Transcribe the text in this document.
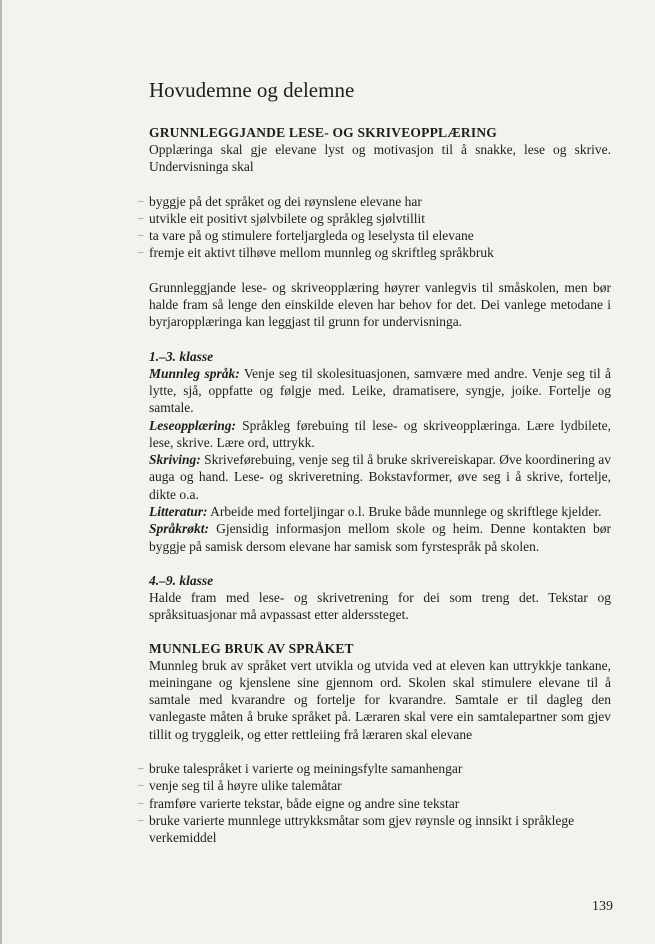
Hovudemne og delemne
GRUNNLEGGJANDE LESE- OG SKRIVEOPPLÆRING

Opplæringa skal gje elevane lyst og motivasjon til å snakke, lese og skrive. Undervisninga skal

– byggje på det språket og dei røynslene elevane har
– utvikle eit positivt sjølvbilete og språkleg sjølvtillit
– ta vare på og stimulere forteljargleda og leselysta til elevane
– fremje eit aktivt tilhøve mellom munnleg og skriftleg språkbruk

Grunnleggjande lese- og skriveopplæring høyrer vanlegvis til småskolen, men bør halde fram så lenge den einskilde eleven har behov for det. Dei vanlege metodane i byrjaropplæringa kan leggjast til grunn for undervisninga.

1.–3. klasse

Munnleg språk: Venje seg til skolesituasjonen, samvære med andre. Venje seg til å lytte, sjå, oppfatte og følgje med. Leike, dramatisere, syngje, joike. Fortelje og samtale.

Leseopplæring: Språkleg førebuing til lese- og skriveopplæringa. Lære lydbilete, lese, skrive. Lære ord, uttrykk.

Skriving: Skriveførebuing, venje seg til å bruke skrivereiskapar. Øve koordinering av auga og hand. Lese- og skriveretning. Bokstavformer, øve seg i å skrive, fortelje, dikte o.a.

Litteratur: Arbeide med forteljingar o.l. Bruke både munnlege og skriftlege kjelder.

Språkrøkt: Gjensidig informasjon mellom skole og heim. Denne kontakten bør byggje på samisk dersom elevane har samisk som fyrstespråk på skolen.

4.–9. klasse

Halde fram med lese- og skrivetrening for dei som treng det. Tekstar og språksituasjonar må avpassast etter alderssteget.

MUNNLEG BRUK AV SPRÅKET

Munnleg bruk av språket vert utvikla og utvida ved at eleven kan uttrykkje tankane, meiningane og kjenslene sine gjennom ord. Skolen skal stimulere elevane til å samtale med kvarandre og fortelje for kvarandre. Samtale er til dagleg den vanlegaste måten å bruke språket på. Læraren skal vere ein samtalepartner som gjev tillit og tryggleik, og etter rettleiing frå læraren skal elevane

– bruke talespråket i varierte og meiningsfylte samanhengar
– venje seg til å høyre ulike talemåtar
– framføre varierte tekstar, både eigne og andre sine tekstar
– bruke varierte munnlege uttrykksmåtar som gjev røynsle og innsikt i språklege verkemiddel
139
